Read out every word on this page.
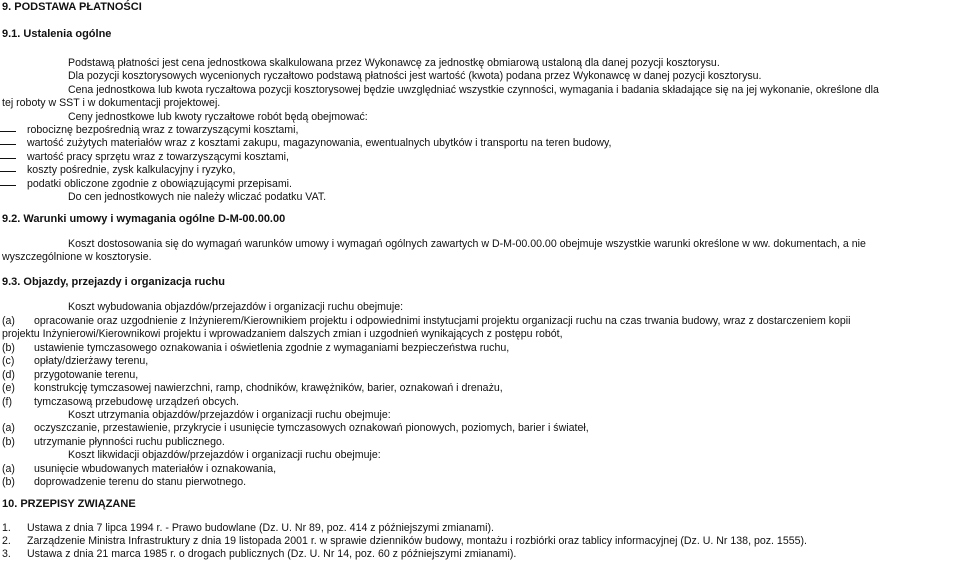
9. PODSTAWA PŁATNOŚCI
9.1. Ustalenia ogólne
Podstawą płatności jest cena jednostkowa skalkulowana przez Wykonawcę za jednostkę obmiarową ustaloną dla danej pozycji kosztorysu.
Dla pozycji kosztorysowych wycenionych ryczałtowo podstawą płatności jest wartość (kwota) podana przez Wykonawcę w danej pozycji kosztorysu.
Cena jednostkowa lub kwota ryczałtowa pozycji kosztorysowej będzie uwzględniać wszystkie czynności, wymagania i badania składające się na jej wykonanie, określone dla
tej roboty w SST i w dokumentacji projektowej.
Ceny jednostkowe lub kwoty ryczałtowe robót będą obejmować:
robociznę bezpośrednią wraz z towarzyszącymi kosztami,
wartość zużytych materiałów wraz z kosztami zakupu, magazynowania, ewentualnych ubytków i transportu na teren budowy,
wartość pracy sprzętu wraz z towarzyszącymi kosztami,
koszty pośrednie, zysk kalkulacyjny i ryzyko,
podatki obliczone zgodnie z obowiązującymi przepisami.
Do cen jednostkowych nie należy wliczać podatku VAT.
9.2. Warunki umowy i wymagania ogólne D-M-00.00.00
Koszt dostosowania się do wymagań warunków umowy i wymagań ogólnych zawartych w D-M-00.00.00 obejmuje wszystkie warunki określone w ww. dokumentach, a nie
wyszczególnione w kosztorysie.
9.3. Objazdy, przejazdy i organizacja ruchu
Koszt wybudowania objazdów/przejazdów i organizacji ruchu obejmuje:
(a) opracowanie oraz uzgodnienie z Inżynierem/Kierownikiem projektu i odpowiednimi instytucjami projektu organizacji ruchu na czas trwania budowy, wraz z dostarczeniem kopii
projektu Inżynierowi/Kierownikowi projektu i wprowadzaniem dalszych zmian i uzgodnień wynikających z postępu robót,
(b) ustawienie tymczasowego oznakowania i oświetlenia zgodnie z wymaganiami bezpieczeństwa ruchu,
(c) opłaty/dzierżawy terenu,
(d) przygotowanie terenu,
(e) konstrukcję tymczasowej nawierzchni, ramp, chodników, krawężników, barier, oznakowań i drenażu,
(f) tymczasową przebudowę urządzeń obcych.
Koszt utrzymania objazdów/przejazdów i organizacji ruchu obejmuje:
(a) oczyszczanie, przestawienie, przykrycie i usunięcie tymczasowych oznakowań pionowych, poziomych, barier i świateł,
(b) utrzymanie płynności ruchu publicznego.
Koszt likwidacji objazdów/przejazdów i organizacji ruchu obejmuje:
(a) usunięcie wbudowanych materiałów i oznakowania,
(b) doprowadzenie terenu do stanu pierwotnego.
10. PRZEPISY ZWIĄZANE
1. Ustawa z dnia 7 lipca 1994 r. - Prawo budowlane (Dz. U. Nr 89, poz. 414 z późniejszymi zmianami).
2. Zarządzenie Ministra Infrastruktury z dnia 19 listopada 2001 r. w sprawie dzienników budowy, montażu i rozbiórki oraz tablicy informacyjnej (Dz. U. Nr 138, poz. 1555).
3. Ustawa z dnia 21 marca 1985 r. o drogach publicznych (Dz. U. Nr 14, poz. 60 z późniejszymi zmianami).
